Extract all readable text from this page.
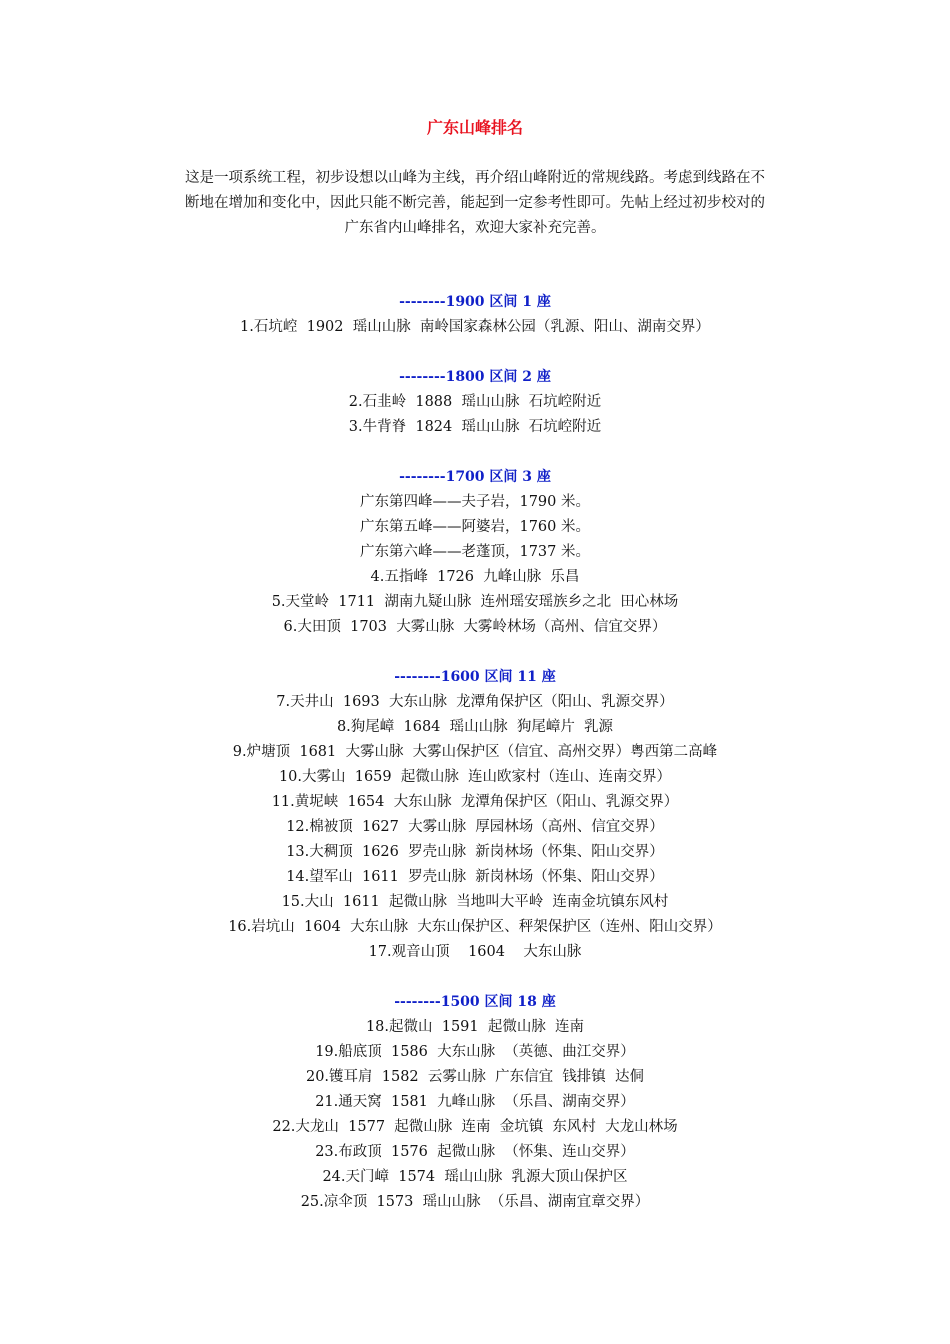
广东山峰排名

这是一项系统工程，初步设想以山峰为主线，再介绍山峰附近的常规线路。考虑到线路在不

断地在增加和变化中，因此只能不断完善，能起到一定参考性即可。先帖上经过初步校对的

广东省内山峰排名，欢迎大家补充完善。

--------1900 区间 1 座
1.石坑崆  1902  瑶山山脉  南岭国家森林公园（乳源、阳山、湖南交界）
--------1800 区间 2 座
2.石韭岭  1888  瑶山山脉  石坑崆附近
3.牛背脊  1824  瑶山山脉  石坑崆附近
--------1700 区间 3 座
广东第四峰——夫子岩，1790 米。
广东第五峰——阿婆岩，1760 米。
广东第六峰——老蓬顶，1737 米。
4.五指峰  1726  九峰山脉  乐昌
5.天堂岭  1711  湖南九疑山脉  连州瑶安瑶族乡之北  田心林场
6.大田顶  1703  大雾山脉  大雾岭林场（高州、信宜交界）
--------1600 区间 11 座
7.天井山  1693  大东山脉  龙潭角保护区（阳山、乳源交界）
8.狗尾嶂  1684  瑶山山脉  狗尾嶂片  乳源
9.炉塘顶  1681  大雾山脉  大雾山保护区（信宜、高州交界）粤西第二高峰
10.大雾山  1659  起微山脉  连山欧家村（连山、连南交界）
11.黄坭峡  1654  大东山脉  龙潭角保护区（阳山、乳源交界）
12.棉被顶  1627  大雾山脉  厚园林场（高州、信宜交界）
13.大稠顶  1626  罗壳山脉  新岗林场（怀集、阳山交界）
14.望军山  1611  罗壳山脉  新岗林场（怀集、阳山交界）
15.大山  1611  起微山脉  当地叫大平岭  连南金坑镇东风村
16.岩坑山  1604  大东山脉  大东山保护区、秤架保护区（连州、阳山交界）
17.观音山顶    1604    大东山脉
--------1500 区间 18 座
18.起微山  1591  起微山脉  连南
19.船底顶  1586  大东山脉  （英德、曲江交界）
20.镬耳肩  1582  云雾山脉  广东信宜  钱排镇  达侗
21.通天窝  1581  九峰山脉  （乐昌、湖南交界）
22.大龙山  1577  起微山脉  连南  金坑镇  东风村  大龙山林场
23.布政顶  1576  起微山脉  （怀集、连山交界）
24.天门嶂  1574  瑶山山脉  乳源大顶山保护区
25.凉伞顶  1573  瑶山山脉  （乐昌、湖南宜章交界）
